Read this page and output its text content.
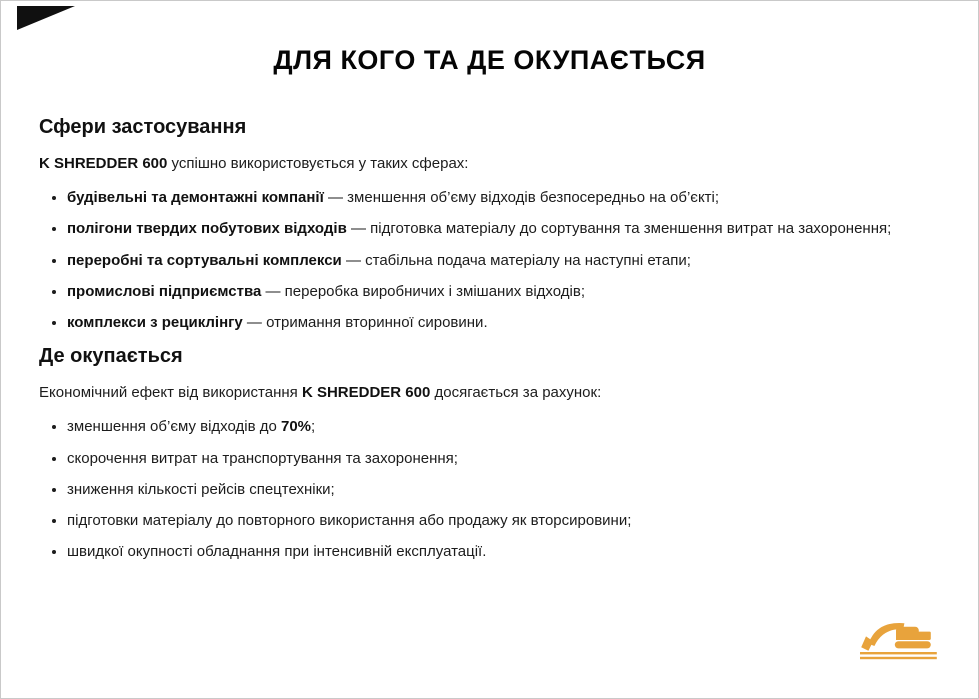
ДЛЯ КОГО ТА ДЕ ОКУПАЄТЬСЯ
Сфери застосування

K SHREDDER 600 успішно використовується у таких сферах:

• будівельні та демонтажні компанії — зменшення об’єму відходів безпосередньо на об’єкті;
• полігони твердих побутових відходів — підготовка матеріалу до сортування та зменшення витрат на захоронення;
• переробні та сортувальні комплекси — стабільна подача матеріалу на наступні етапи;
• промислові підприємства — переробка виробничих і змішаних відходів;
• комплекси з рециклінгу — отримання вторинної сировини.
Де окупається

Економічний ефект від використання K SHREDDER 600 досягається за рахунок:

• зменшення об’єму відходів до 70%;
• скорочення витрат на транспортування та захоронення;
• зниження кількості рейсів спецтехніки;
• підготовки матеріалу до повторного використання або продажу як вторсировини;
• швидкої окупності обладнання при інтенсивній експлуатації.
